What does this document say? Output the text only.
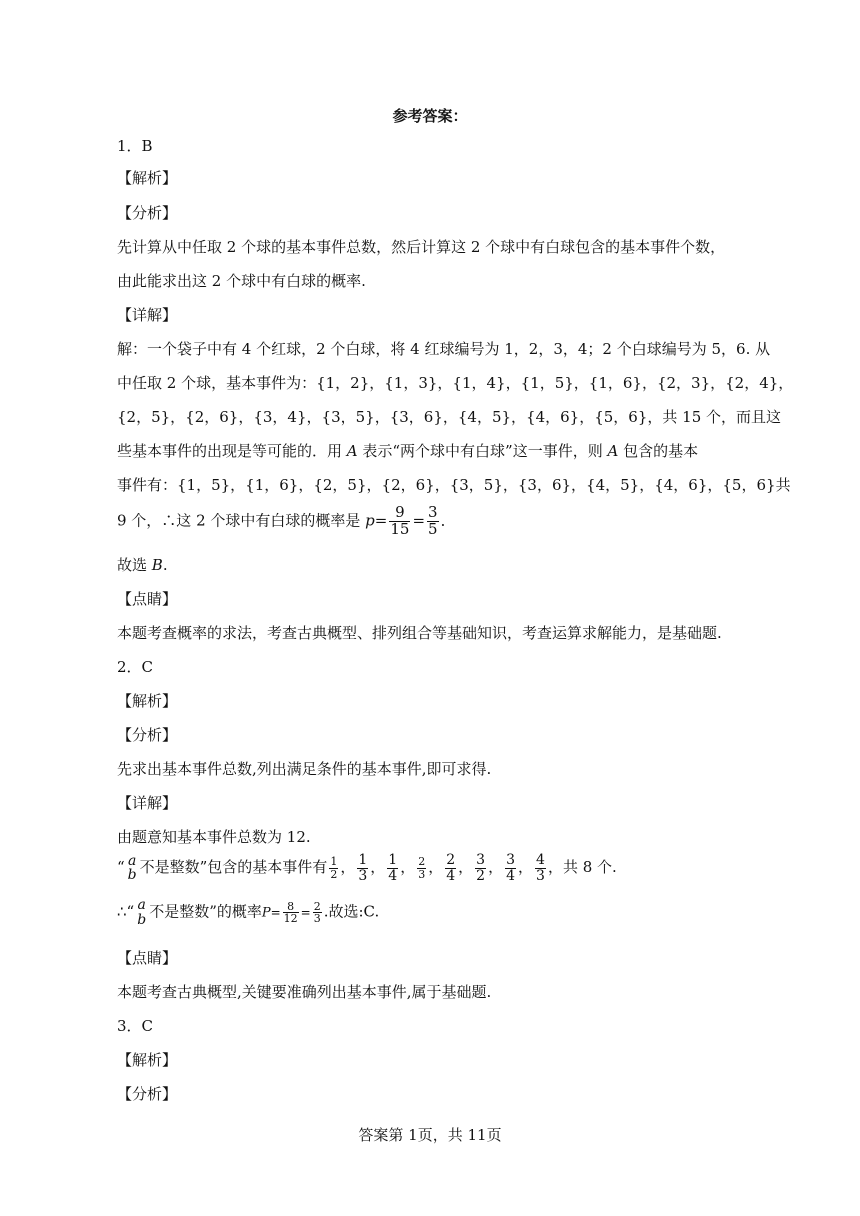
参考答案：
1．B
【解析】
【分析】
先计算从中任取 2 个球的基本事件总数，然后计算这 2 个球中有白球包含的基本事件个数，
由此能求出这 2 个球中有白球的概率.
【详解】
解：一个袋子中有 4 个红球，2 个白球，将 4 红球编号为 1，2，3，4；2 个白球编号为 5，6. 从
中任取 2 个球，基本事件为：{1，2}，{1，3}，{1，4}，{1，5}，{1，6}，{2，3}，{2，4}，
{2，5}，{2，6}，{3，4}，{3，5}，{3，6}，{4，5}，{4，6}，{5，6}，共 15 个，而且这
些基本事件的出现是等可能的．用 A 表示“两个球中有白球”这一事件，则 A 包含的基本
事件有：{1，5}，{1，6}，{2，5}，{2，6}，{3，5}，{3，6}，{4，5}，{4，6}，{5，6}共
9 个，∴这 2 个球中有白球的概率是 $p= \frac{9}{15} = \frac{3}{5}$ ．
故选 B.
【点睛】
本题考查概率的求法，考查古典概型、排列组合等基础知识，考查运算求解能力，是基础题.
2．C
【解析】
【分析】
先求出基本事件总数,列出满足条件的基本事件,即可求得.
【详解】
由题意知基本事件总数为 12.
“ a
b 不是整数”包含的基本事件有 $\frac{1}{2}$ ， $\frac{1}{3}$ ， $\frac{1}{4}$ ， $\frac{2}{3}$ ， $\frac{2}{4}$ ， $\frac{3}{2}$ ， $\frac{3}{4}$ ， $\frac{4}{3}$ ，共 8 个.
∴“ a
b 不是整数”的概率$P= \frac{8}{12} = \frac{2}{3}$ .故选:C.
【点睛】
本题考查古典概型,关键要准确列出基本事件,属于基础题.
3．C
【解析】
【分析】
答案第 1页，共 11页
